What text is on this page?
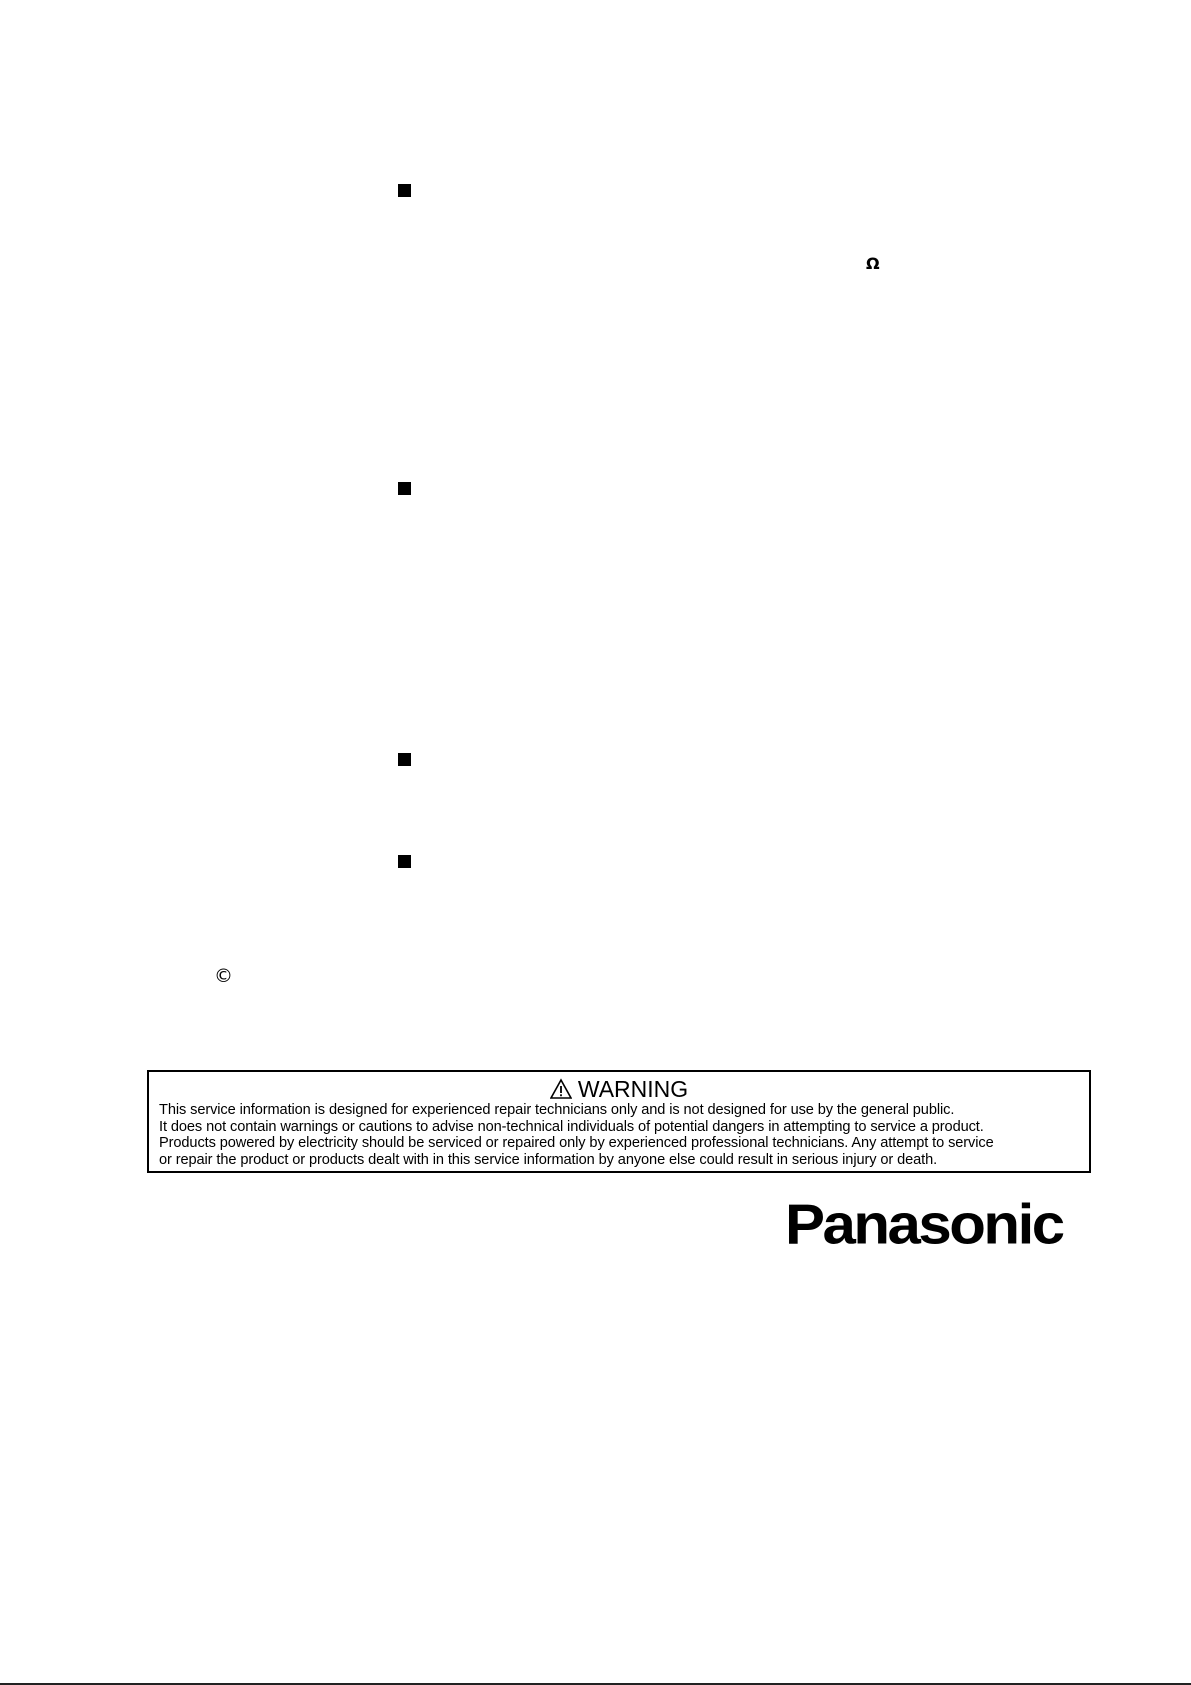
Ω
©
WARNING
This service information is designed for experienced repair technicians only and is not designed for use by the general public.
It does not contain warnings or cautions to advise non-technical individuals of potential dangers in attempting to service a product.
Products powered by electricity should be serviced or repaired only by experienced professional technicians. Any attempt to service
or repair the product or products dealt with in this service information by anyone else could result in serious injury or death.
Panasonic
